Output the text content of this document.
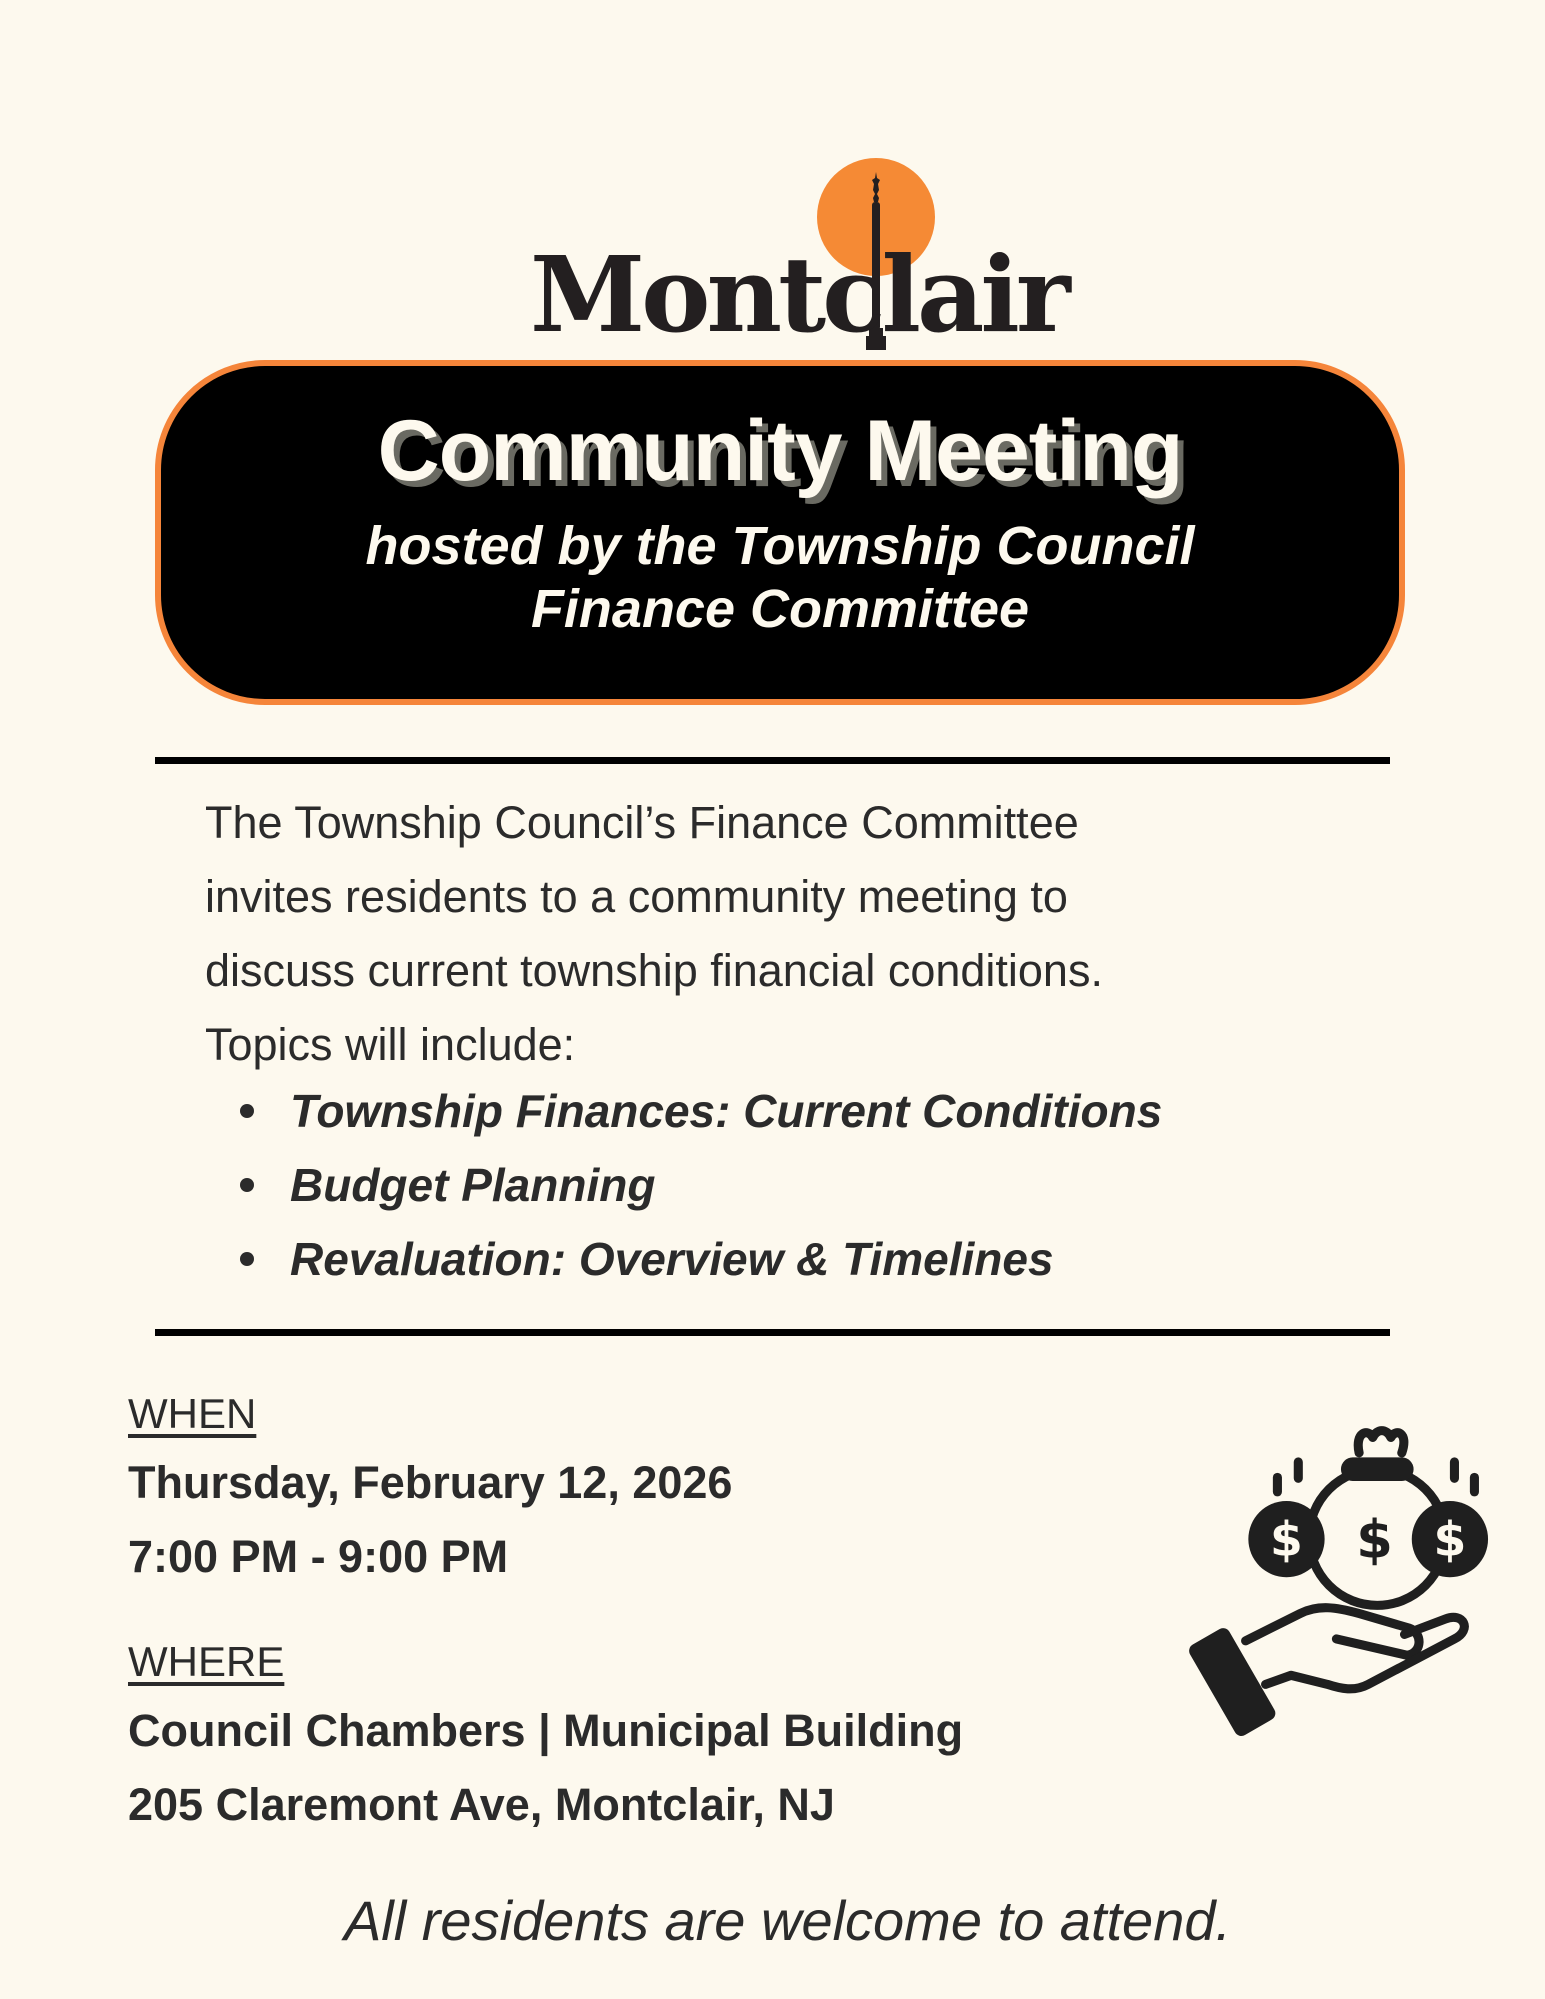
Montclair
Community Meeting
hosted by the Township Council
Finance Committee
The Township Council’s Finance Committee
invites residents to a community meeting to
discuss current township financial conditions.
Topics will include:
Township Finances: Current Conditions
Budget Planning
Revaluation: Overview & Timelines
WHEN
Thursday, February 12, 2026
7:00 PM - 9:00 PM
WHERE
Council Chambers | Municipal Building
205 Claremont Ave, Montclair, NJ
$	$
$
All residents are welcome to attend.
